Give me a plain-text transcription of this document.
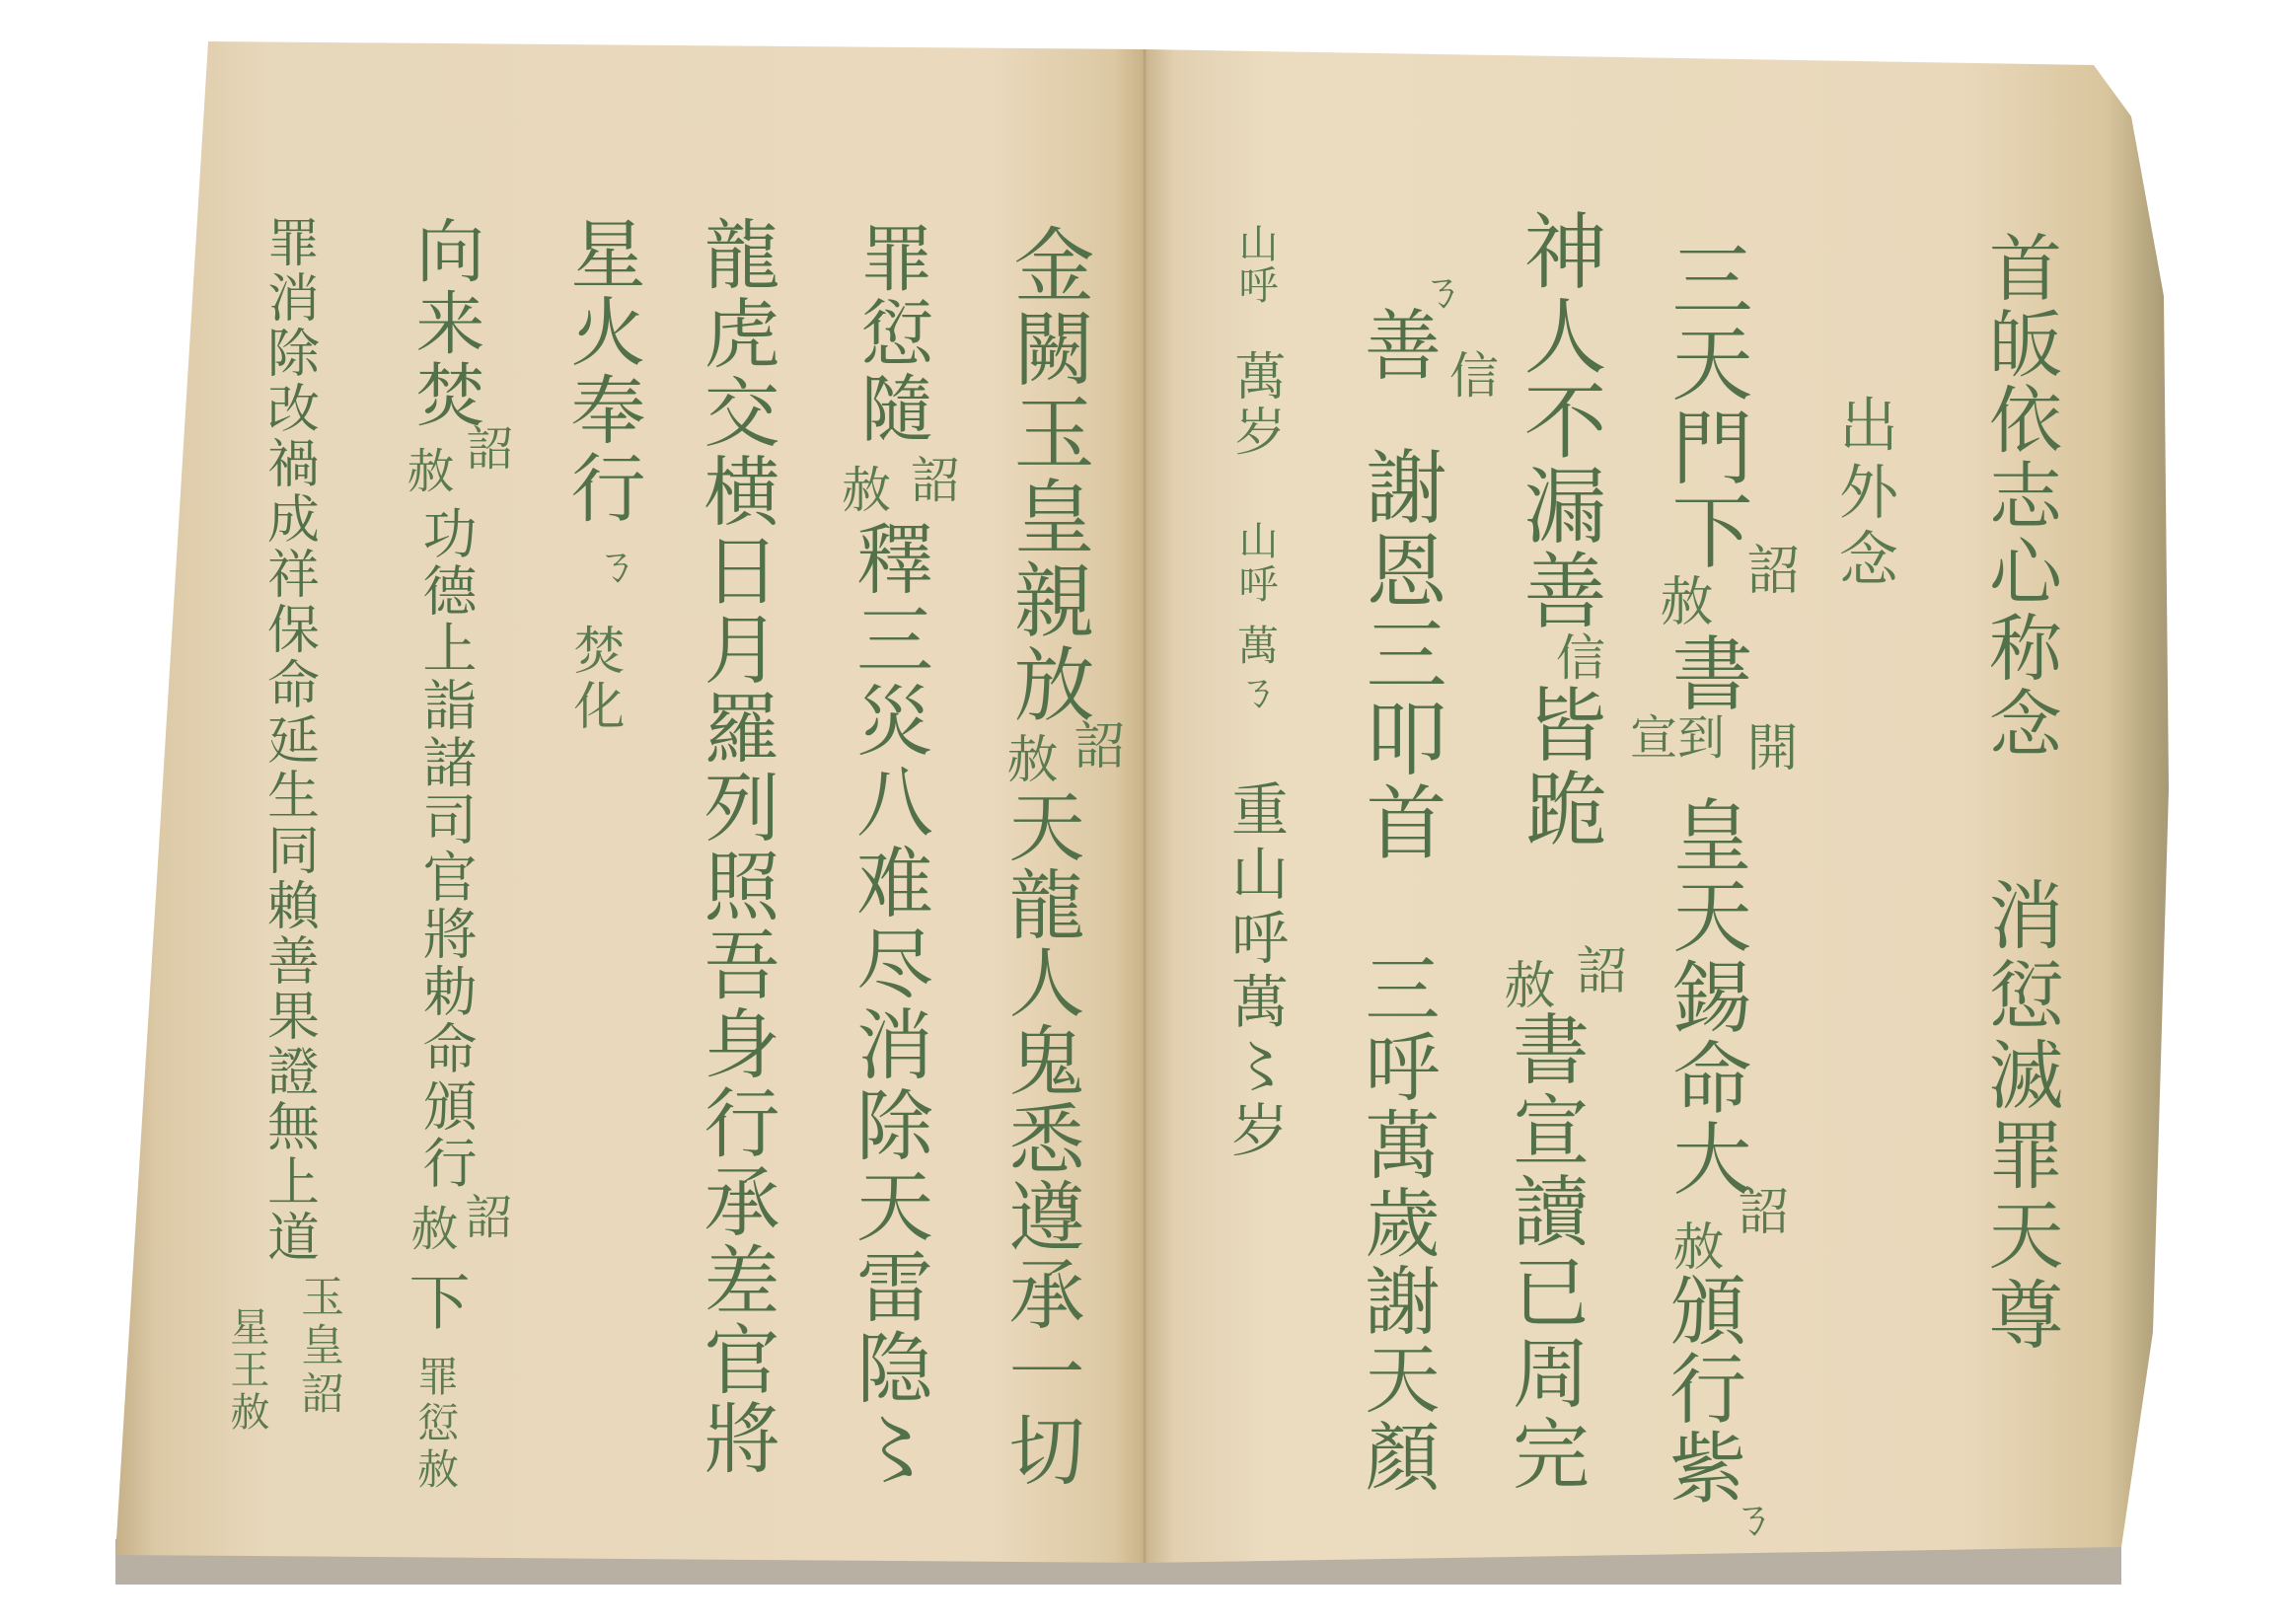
首皈依志心称念
消愆滅罪天尊
出外念
三天門下
詔
赦
書
開
宣到
皇天錫命大
詔
赦
頒行紫
ㄋ
神人不漏善
信
皆跪
詔
赦
書宣讀已周完
ㄋ
善 信
謝恩三叩首
三呼萬歲謝天顏
山呼
萬岁
山呼
萬ㄋ
重山呼萬〻岁
金闕玉皇親放
詔
赦
天龍人鬼悉遵承一切
罪愆隨
詔
赦
釋三災八难尽消除天雷隐〻
龍虎交横日月羅列照吾身行承差官將
星火奉行
ㄋ
焚化
向来焚
詔
赦
功德上詣諸司官將勅命頒行
詔
赦
下
罪愆赦
罪消除改禍成祥保命延生同賴善果證無上道
玉皇詔
星王赦
